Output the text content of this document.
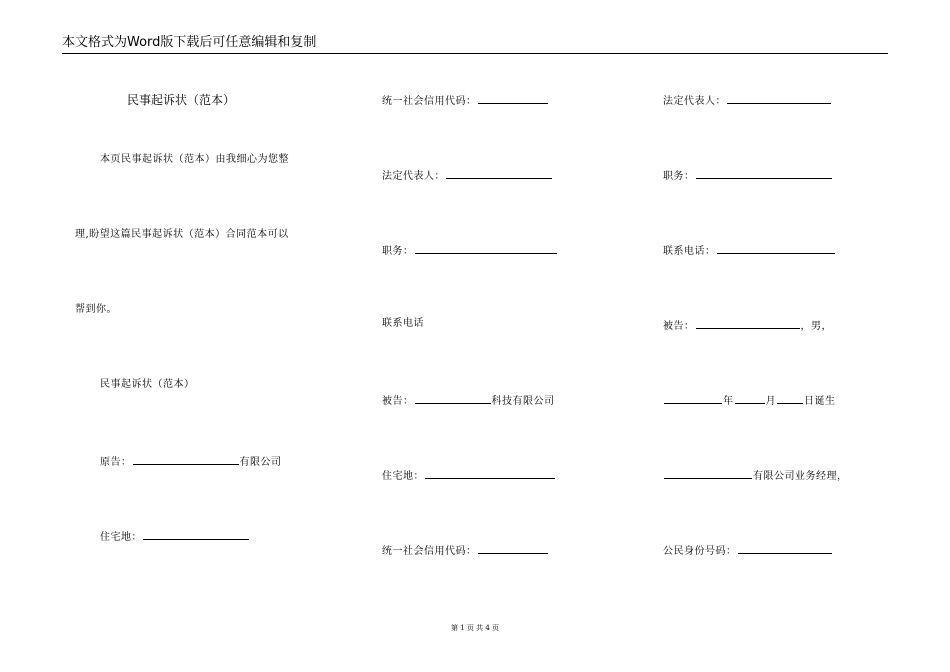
本文格式为Word版下载后可任意编辑和复制
民事起诉状（范本）
本页民事起诉状（范本）由我细心为您整
理,盼望这篇民事起诉状（范本）合同范本可以
帮到你。
民事起诉状（范本）
原告：	有限公司
住宅地：
统一社会信用代码：
法定代表人：
职务：
联系电话
被告：	科技有限公司
住宅地：
统一社会信用代码：
法定代表人：
职务：
联系电话：
被告：	，男，
年	月	日诞生
有限公司业务经理，
公民身份号码：
第 1 页 共 4 页
